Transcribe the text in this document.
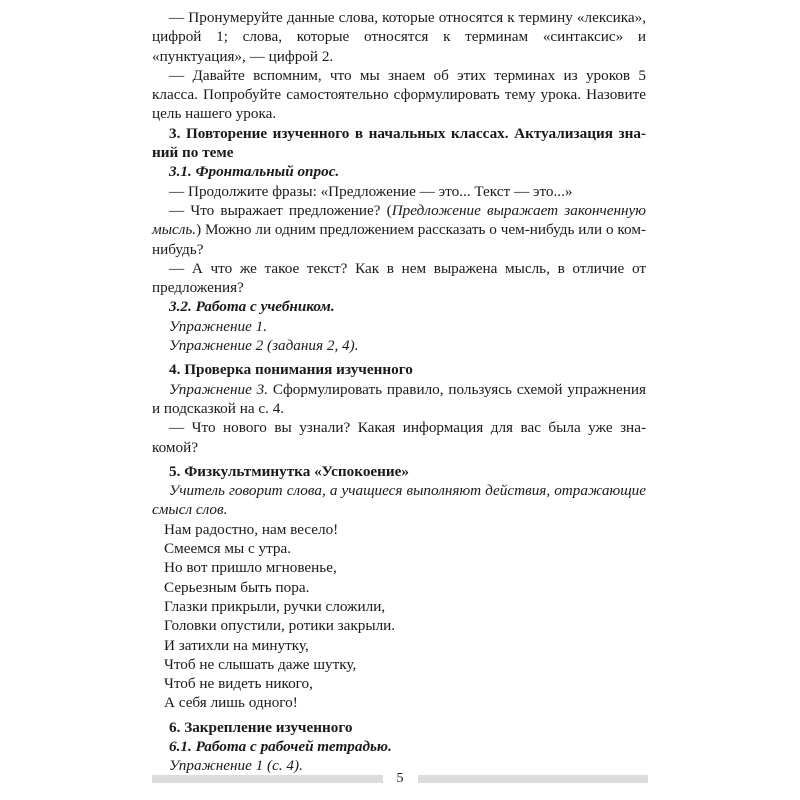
— Пронумеруйте данные слова, которые относятся к термину «лексика», цифрой 1; слова, которые относятся к терминам «синтаксис» и «пунктуация», — цифрой 2.

— Давайте вспомним, что мы знаем об этих терминах из уроков 5 класса. Попробуйте самостоятельно сформулировать тему урока. Назовите цель нашего урока.

3. Повторение изученного в начальных классах. Актуализация знаний по теме

3.1. Фронтальный опрос.

— Продолжите фразы: «Предложение — это... Текст — это...»

— Что выражает предложение? (Предложение выражает законченную мысль.) Можно ли одним предложением рассказать о чем-нибудь или о ком-нибудь?

— А что же такое текст? Как в нем выражена мысль, в отличие от предложения?

3.2. Работа с учебником.

Упражнение 1.

Упражнение 2 (задания 2, 4).

4. Проверка понимания изученного

Упражнение 3. Сформулировать правило, пользуясь схемой упражнения и подсказкой на с. 4.

— Что нового вы узнали? Какая информация для вас была уже знакомой?

5. Физкультминутка «Успокоение»

Учитель говорит слова, а учащиеся выполняют действия, отражающие смысл слов.

Нам радостно, нам весело!

Смеемся мы с утра.

Но вот пришло мгновенье,

Серьезным быть пора.

Глазки прикрыли, ручки сложили,

Головки опустили, ротики закрыли.

И затихли на минутку,

Чтоб не слышать даже шутку,

Чтоб не видеть никого,

А себя лишь одного!

6. Закрепление изученного

6.1. Работа с рабочей тетрадью.

Упражнение 1 (с. 4).

5
